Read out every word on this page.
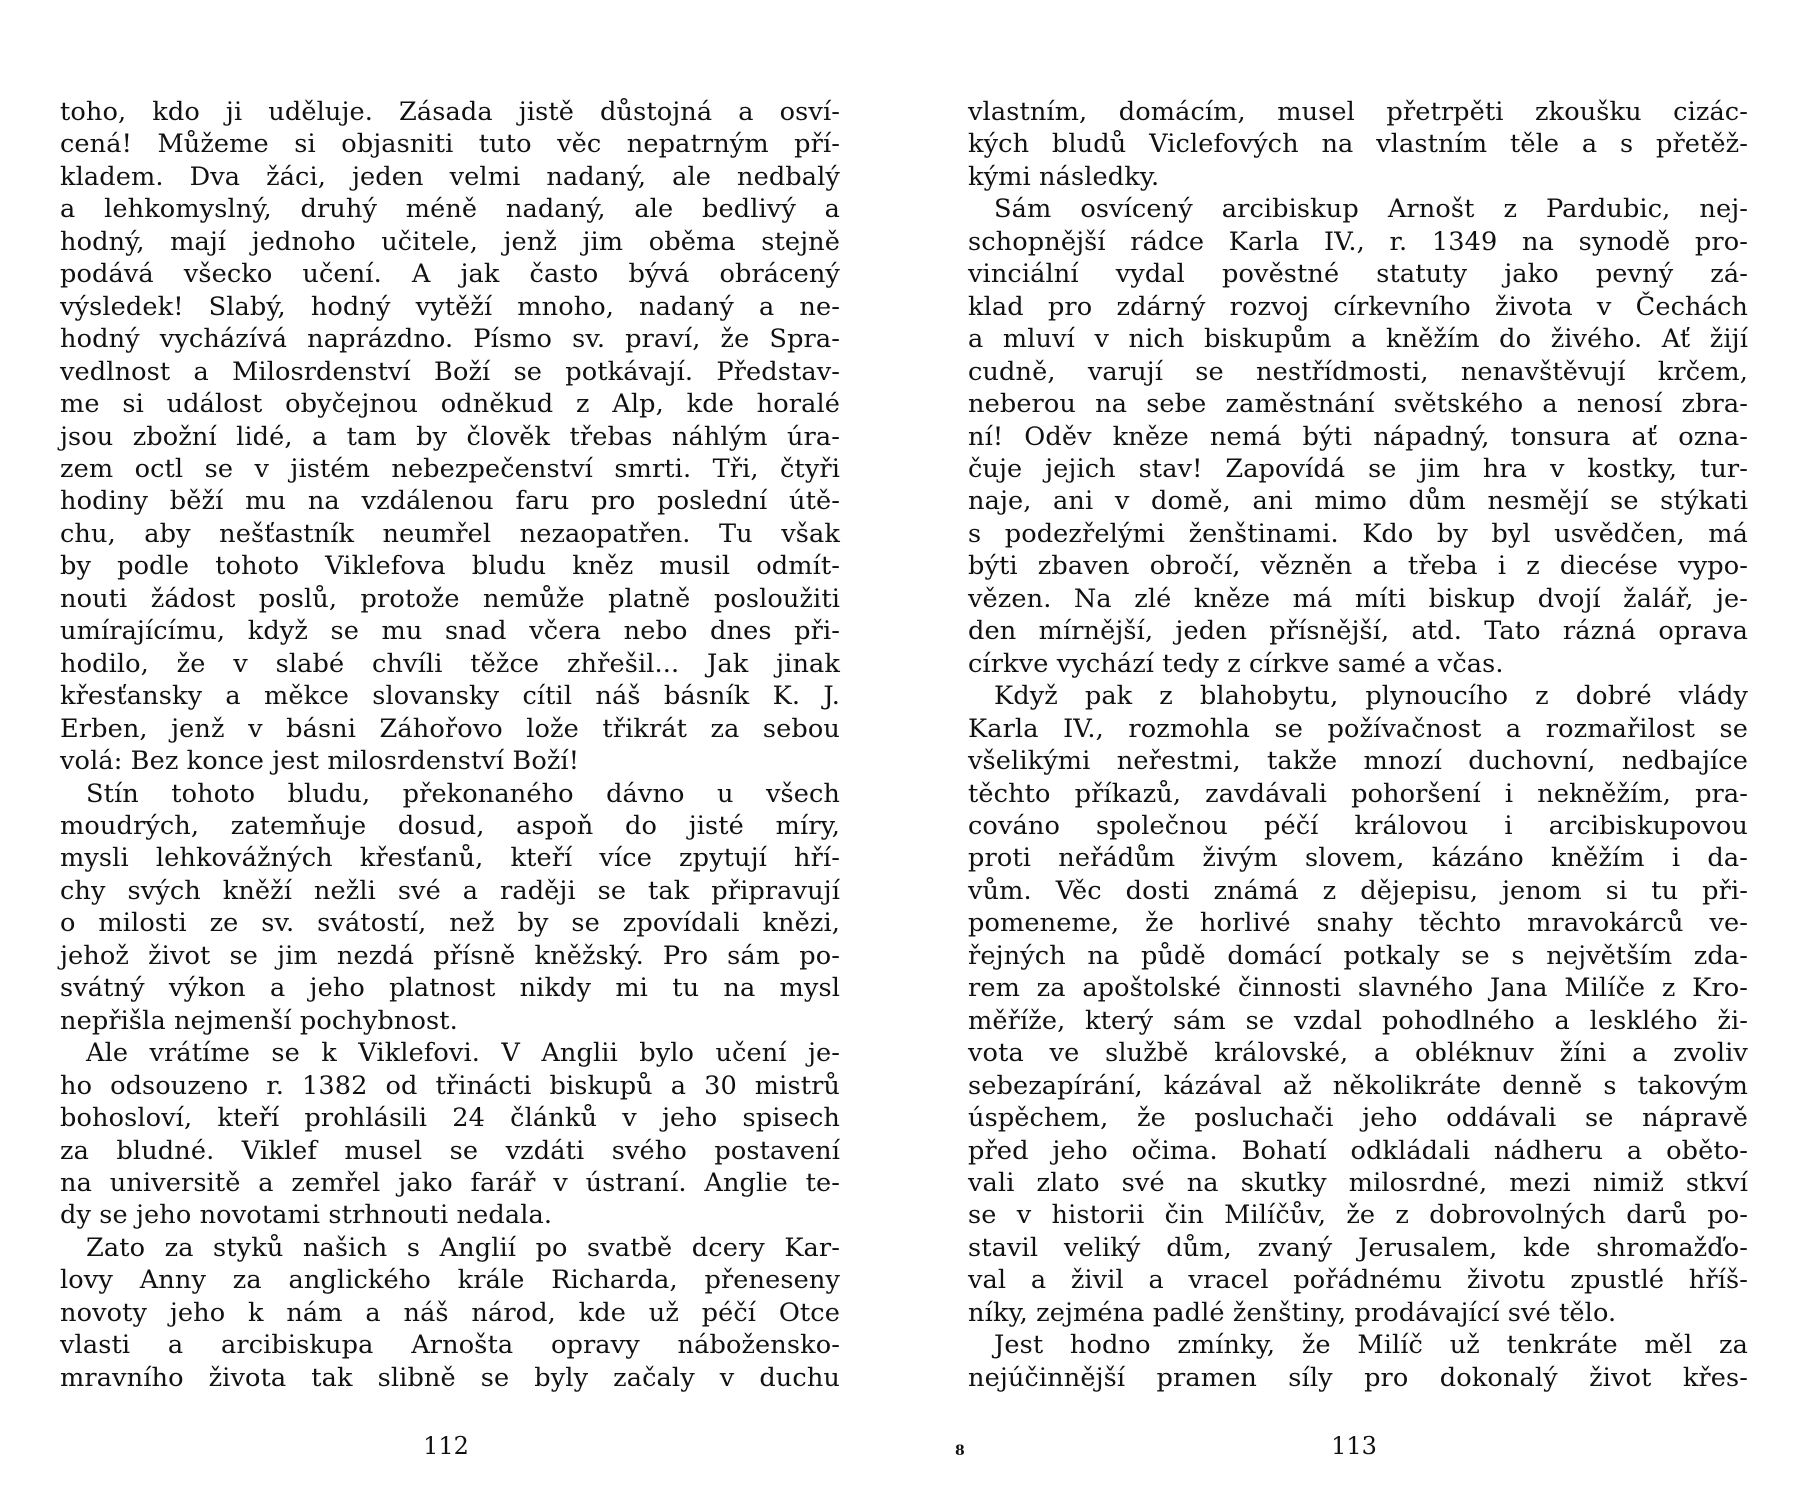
toho, kdo ji uděluje. Zásada jistě důstojná a osví-
cená! Můžeme si objasniti tuto věc nepatrným pří-
kladem. Dva žáci, jeden velmi nadaný, ale nedbalý
a lehkomyslný, druhý méně nadaný, ale bedlivý a
hodný, mají jednoho učitele, jenž jim oběma stejně
podává všecko učení. A jak často bývá obrácený
výsledek! Slabý, hodný vytěží mnoho, nadaný a ne-
hodný vycházívá naprázdno. Písmo sv. praví, že Spra-
vedlnost a Milosrdenství Boží se potkávají. Představ-
me si událost obyčejnou odněkud z Alp, kde horalé
jsou zbožní lidé, a tam by člověk třebas náhlým úra-
zem octl se v jistém nebezpečenství smrti. Tři, čtyři
hodiny běží mu na vzdálenou faru pro poslední útě-
chu, aby nešťastník neumřel nezaopatřen. Tu však
by podle tohoto Viklefova bludu kněz musil odmít-
nouti žádost poslů, protože nemůže platně posloužiti
umírajícímu, když se mu snad včera nebo dnes při-
hodilo, že v slabé chvíli těžce zhřešil... Jak jinak
křesťansky a měkce slovansky cítil náš básník K. J.
Erben, jenž v básni Záhořovo lože třikrát za sebou
volá: Bez konce jest milosrdenství Boží!

Stín tohoto bludu, překonaného dávno u všech
moudrých, zatemňuje dosud, aspoň do jisté míry,
mysli lehkovážných křesťanů, kteří více zpytují hří-
chy svých kněží nežli své a raději se tak připravují
o milosti ze sv. svátostí, než by se zpovídali knězi,
jehož život se jim nezdá přísně kněžský. Pro sám po-
svátný výkon a jeho platnost nikdy mi tu na mysl
nepřišla nejmenší pochybnost.

Ale vrátíme se k Viklefovi. V Anglii bylo učení je-
ho odsouzeno r. 1382 od třinácti biskupů a 30 mistrů
bohosloví, kteří prohlásili 24 článků v jeho spisech
za bludné. Viklef musel se vzdáti svého postavení
na universitě a zemřel jako farář v ústraní. Anglie te-
dy se jeho novotami strhnouti nedala.

Zato za styků našich s Anglií po svatbě dcery Kar-
lovy Anny za anglického krále Richarda, přeneseny
novoty jeho k nám a náš národ, kde už péčí Otce
vlasti a arcibiskupa Arnošta opravy nábožensko-
mravního života tak slibně se byly začaly v duchu

vlastním, domácím, musel přetrpěti zkoušku cizác-
kých bludů Viclefových na vlastním těle a s přetěž-
kými následky.

Sám osvícený arcibiskup Arnošt z Pardubic, nej-
schopnější rádce Karla IV., r. 1349 na synodě pro-
vinciální vydal pověstné statuty jako pevný zá-
klad pro zdárný rozvoj církevního života v Čechách
a mluví v nich biskupům a kněžím do živého. Ať žijí
cudně, varují se nestřídmosti, nenavštěvují krčem,
neberou na sebe zaměstnání světského a nenosí zbra-
ní! Oděv kněze nemá býti nápadný, tonsura ať ozna-
čuje jejich stav! Zapovídá se jim hra v kostky, tur-
naje, ani v domě, ani mimo dům nesmějí se stýkati
s podezřelými ženštinami. Kdo by byl usvědčen, má
býti zbaven obročí, vězněn a třeba i z diecése vypo-
vězen. Na zlé kněze má míti biskup dvojí žalář, je-
den mírnější, jeden přísnější, atd. Tato rázná oprava
církve vychází tedy z církve samé a včas.

Když pak z blahobytu, plynoucího z dobré vlády
Karla IV., rozmohla se požívačnost a rozmařilost se
všelikými neřestmi, takže mnozí duchovní, nedbajíce
těchto příkazů, zavdávali pohoršení i nekněžím, pra-
cováno společnou péčí královou i arcibiskupovou
proti neřádům živým slovem, kázáno kněžím i da-
vům. Věc dosti známá z dějepisu, jenom si tu při-
pomeneme, že horlivé snahy těchto mravokárců ve-
řejných na půdě domácí potkaly se s největším zda-
rem za apoštolské činnosti slavného Jana Milíče z Kro-
měříže, který sám se vzdal pohodlného a lesklého ži-
vota ve službě královské, a obléknuv žíni a zvoliv
sebezapírání, kázával až několikráte denně s takovým
úspěchem, že posluchači jeho oddávali se nápravě
před jeho očima. Bohatí odkládali nádheru a obětо-
vali zlato své na skutky milosrdné, mezi nimiž stkví
se v historii čin Milíčův, že z dobrovolných darů po-
stavil veliký dům, zvaný Jerusalem, kde shromažďo-
val a živil a vracel pořádnému životu zpustlé hříš-
níky, zejména padlé ženštiny, prodávající své tělo.

Jest hodno zmínky, že Milíč už tenkráte měl za
nejúčinnější pramen síly pro dokonalý život křes-

112	8	113
